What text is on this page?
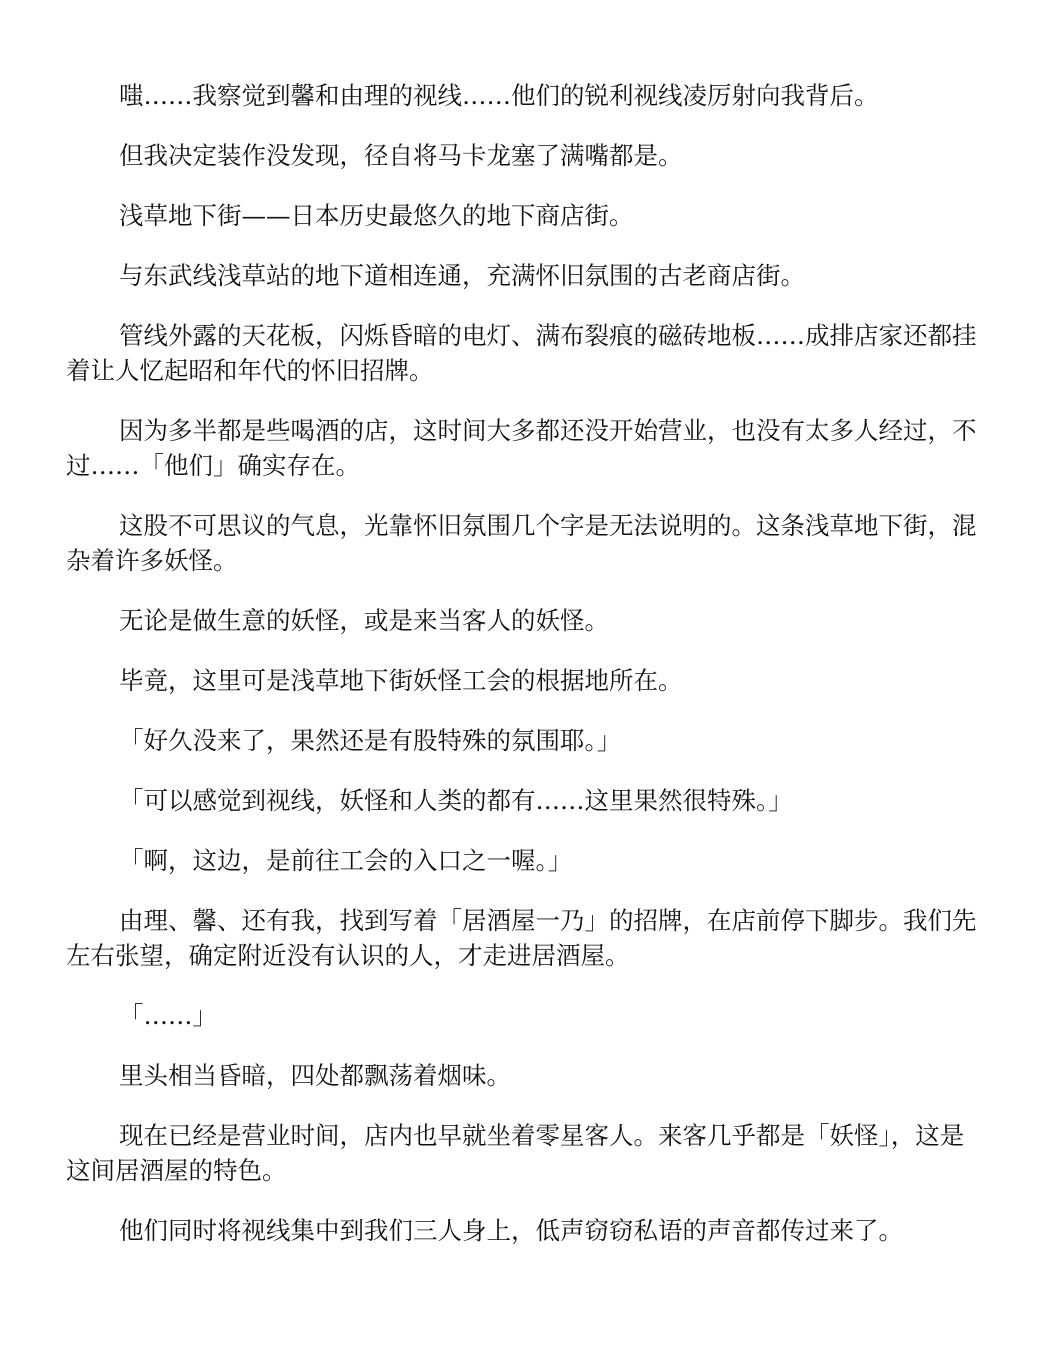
嗤……我察觉到馨和由理的视线……他们的锐利视线凌厉射向我背后。

但我决定装作没发现，径自将马卡龙塞了满嘴都是。

浅草地下街——日本历史最悠久的地下商店街。

与东武线浅草站的地下道相连通，充满怀旧氛围的古老商店街。

管线外露的天花板，闪烁昏暗的电灯、满布裂痕的磁砖地板……成排店家还都挂着让人忆起昭和年代的怀旧招牌。

因为多半都是些喝酒的店，这时间大多都还没开始营业，也没有太多人经过，不过……「他们」确实存在。

这股不可思议的气息，光靠怀旧氛围几个字是无法说明的。这条浅草地下街，混杂着许多妖怪。

无论是做生意的妖怪，或是来当客人的妖怪。

毕竟，这里可是浅草地下街妖怪工会的根据地所在。

「好久没来了，果然还是有股特殊的氛围耶。」

「可以感觉到视线，妖怪和人类的都有……这里果然很特殊。」

「啊，这边，是前往工会的入口之一喔。」

由理、馨、还有我，找到写着「居酒屋一乃」的招牌，在店前停下脚步。我们先左右张望，确定附近没有认识的人，才走进居酒屋。

「……」

里头相当昏暗，四处都飘荡着烟味。

现在已经是营业时间，店内也早就坐着零星客人。来客几乎都是「妖怪」，这是这间居酒屋的特色。

他们同时将视线集中到我们三人身上，低声窃窃私语的声音都传过来了。
